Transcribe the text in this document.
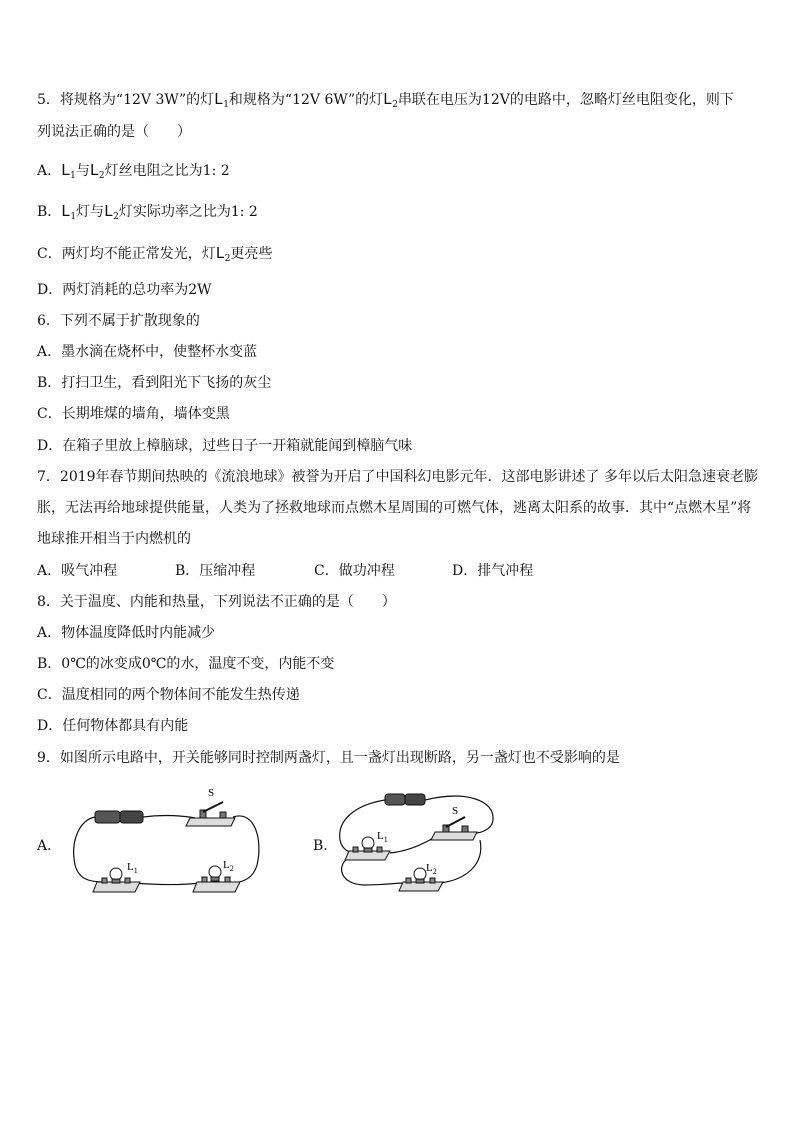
5．将规格为“12V 3W”的灯$L_1$和规格为“12V 6W”的灯$L_2$串联在电压为12V的电路中，忽略灯丝电阻变化，则下
列说法正确的是（　　）
A．$L_1$与$L_2$灯丝电阻之比为1: 2
B．$L_1$灯与$L_2$灯实际功率之比为1: 2
C．两灯均不能正常发光，灯$L_2$更亮些
D．两灯消耗的总功率为2W
6．下列不属于扩散现象的
A．墨水滴在烧杯中，使整杯水变蓝
B．打扫卫生，看到阳光下飞扬的灰尘
C．长期堆煤的墙角，墙体变黑
D．在箱子里放上樟脑球，过些日子一开箱就能闻到樟脑气味
7．2019年春节期间热映的《流浪地球》被誉为开启了中国科幻电影元年．这部电影讲述了 多年以后太阳急速衰老膨
胀，无法再给地球提供能量，人类为了拯救地球而点燃木星周围的可燃气体，逃离太阳系的故事．其中“点燃木星”将
地球推开相当于内燃机的
A．吸气冲程	B．压缩冲程	C．做功冲程	D．排气冲程
8．关于温度、内能和热量，下列说法不正确的是（　　）
A．物体温度降低时内能减少
B．0℃的冰变成0℃的水，温度不变，内能不变
C．温度相同的两个物体间不能发生热传递
D．任何物体都具有内能
9．如图所示电路中，开关能够同时控制两盏灯，且一盏灯出现断路，另一盏灯也不受影响的是
A．	B．
S
$L_1$	$L_2$
S
$L_1$
$L_2$
